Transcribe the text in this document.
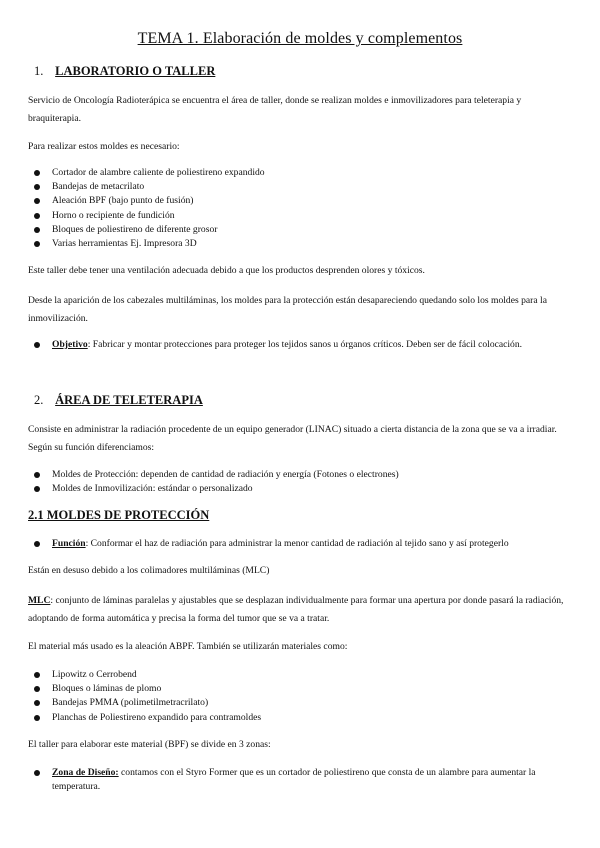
TEMA 1. Elaboración de moldes y complementos
1. LABORATORIO O TALLER
Servicio de Oncología Radioterápica se encuentra el área de taller, donde se realizan moldes e inmovilizadores para teleterapia y braquiterapia.
Para realizar estos moldes es necesario:
Cortador de alambre caliente de poliestireno expandido
Bandejas de metacrilato
Aleación BPF (bajo punto de fusión)
Horno o recipiente de fundición
Bloques de poliestireno de diferente grosor
Varias herramientas Ej. Impresora 3D
Este taller debe tener una ventilación adecuada debido a que los productos desprenden olores y tóxicos.
Desde la aparición de los cabezales multiláminas, los moldes para la protección están desapareciendo quedando solo los moldes para la inmovilización.
Objetivo: Fabricar y montar protecciones para proteger los tejidos sanos u órganos críticos. Deben ser de fácil colocación.
2. ÁREA DE TELETERAPIA
Consiste en administrar la radiación procedente de un equipo generador (LINAC) situado a cierta distancia de la zona que se va a irradiar. Según su función diferenciamos:
Moldes de Protección: dependen de cantidad de radiación y energía (Fotones o electrones)
Moldes de Inmovilización: estándar o personalizado
2.1 MOLDES DE PROTECCIÓN
Función: Conformar el haz de radiación para administrar la menor cantidad de radiación al tejido sano y así protegerlo
Están en desuso debido a los colimadores multiláminas (MLC)
MLC: conjunto de láminas paralelas y ajustables que se desplazan individualmente para formar una apertura por donde pasará la radiación, adoptando de forma automática y precisa la forma del tumor que se va a tratar.
El material más usado es la aleación ABPF. También se utilizarán materiales como:
Lipowitz o Cerrobend
Bloques o láminas de plomo
Bandejas PMMA (polimetilmetracrilato)
Planchas de Poliestireno expandido para contramoldes
El taller para elaborar este material (BPF) se divide en 3 zonas:
Zona de Diseño: contamos con el Styro Former que es un cortador de poliestireno que consta de un alambre para aumentar la temperatura.
